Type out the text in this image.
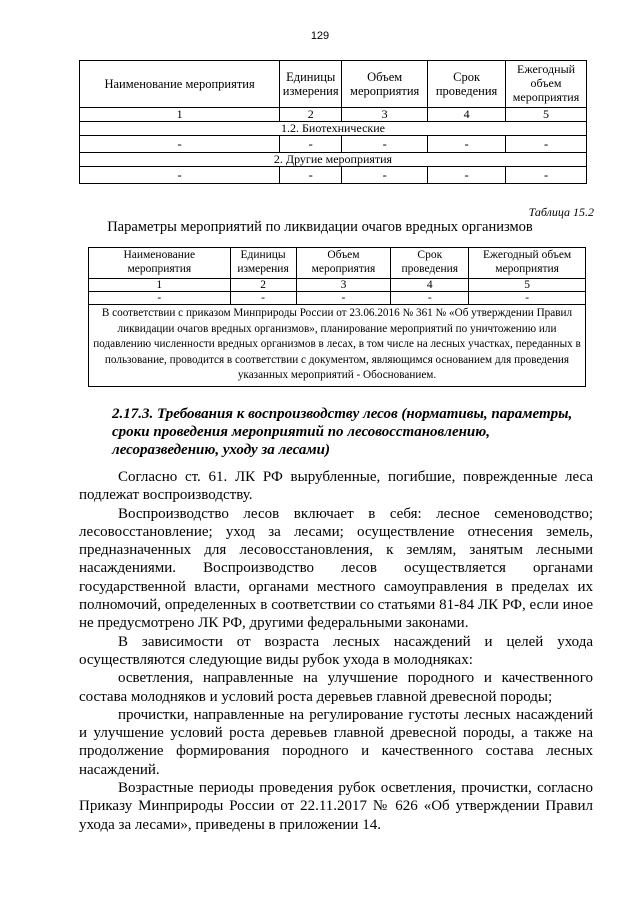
129
Наименование мероприятия	Единицы измерения	Объем мероприятия	Срок проведения	Ежегодный объем мероприятия
1	2	3	4	5
1.2. Биотехнические				
-	-	-	-	-
2. Другие мероприятия				
-	-	-	-	-
Таблица 15.2
Параметры мероприятий по ликвидации очагов вредных организмов
Наименование мероприятия	Единицы измерения	Объем мероприятия	Срок проведения	Ежегодный объем мероприятия
1	2	3	4	5
-	-	-	-	-
В соответствии с приказом Минприроды России от 23.06.2016 № 361 № «Об утверждении Правил ликвидации очагов вредных организмов», планирование мероприятий по уничтожению или подавлению численности вредных организмов в лесах, в том числе на лесных участках, переданных в пользование, проводится в соответствии с документом, являющимся основанием для проведения указанных мероприятий - Обоснованием.				
2.17.3. Требования к воспроизводству лесов (нормативы, параметры, сроки проведения мероприятий по лесовосстановлению, лесоразведению, уходу за лесами)

Согласно ст. 61. ЛК РФ вырубленные, погибшие, поврежденные леса подлежат воспроизводству.

Воспроизводство лесов включает в себя: лесное семеноводство; лесовосстановление; уход за лесами; осуществление отнесения земель, предназначенных для лесовосстановления, к землям, занятым лесными насаждениями. Воспроизводство лесов осуществляется органами государственной власти, органами местного самоуправления в пределах их полномочий, определенных в соответствии со статьями 81-84 ЛК РФ, если иное не предусмотрено ЛК РФ, другими федеральными законами.

В зависимости от возраста лесных насаждений и целей ухода осуществляются следующие виды рубок ухода в молодняках:

осветления, направленные на улучшение породного и качественного состава молодняков и условий роста деревьев главной древесной породы;

прочистки, направленные на регулирование густоты лесных насаждений и улучшение условий роста деревьев главной древесной породы, а также на продолжение формирования породного и качественного состава лесных насаждений.

Возрастные периоды проведения рубок осветления, прочистки, согласно Приказу Минприроды России от 22.11.2017 № 626 «Об утверждении Правил ухода за лесами», приведены в приложении 14.
